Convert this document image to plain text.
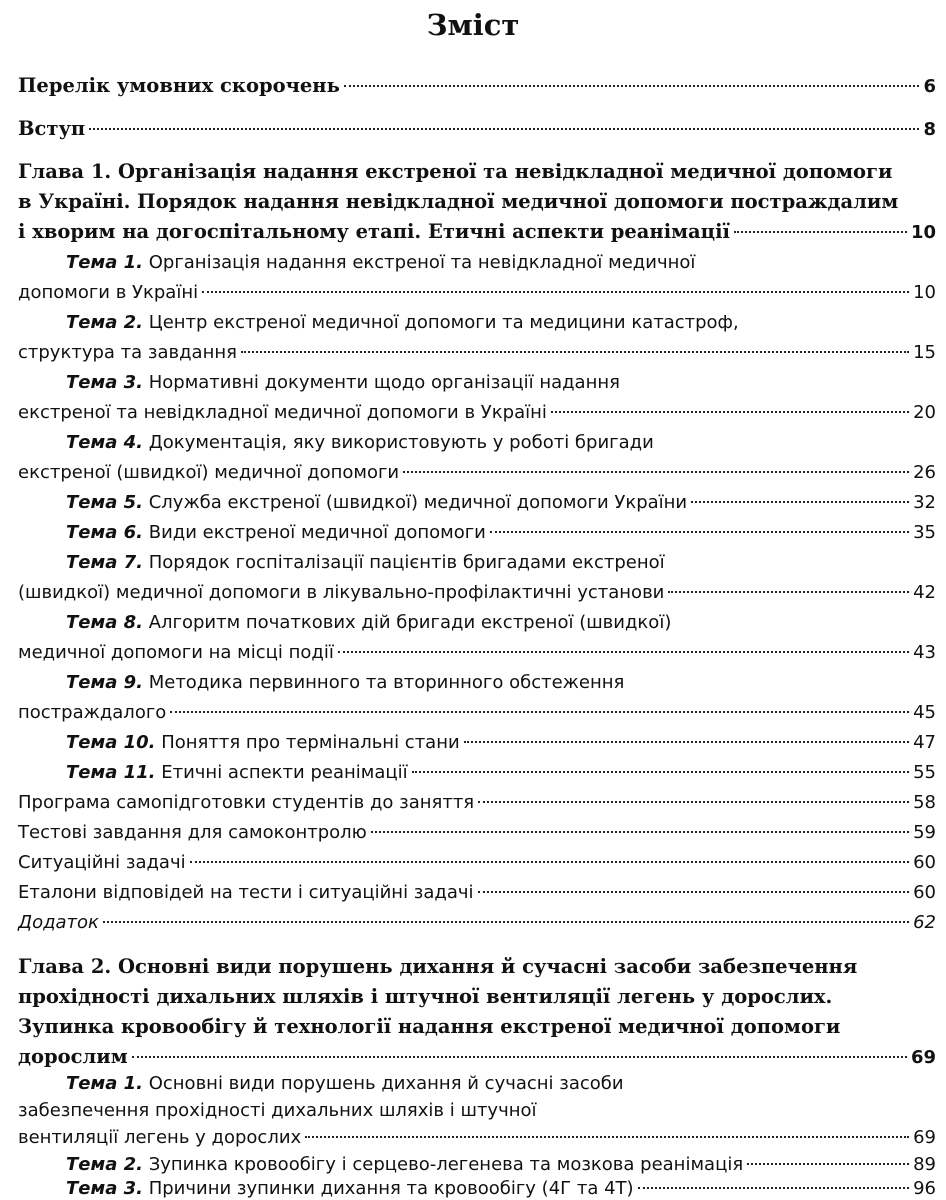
Зміст
Перелік умовних скорочень	6
Вступ	8
Глава 1. Організація надання екстреної та невідкладної медичної допомоги
в Україні. Порядок надання невідкладної медичної допомоги постраждалим
і хворим на догоспітальному етапі. Етичні аспекти реанімації	10
Тема 1. Організація надання екстреної та невідкладної медичної
допомоги в Україні	10
Тема 2. Центр екстреної медичної допомоги та медицини катастроф,
структура та завдання	15
Тема 3. Нормативні документи щодо організації надання
екстреної та невідкладної медичної допомоги в Україні	20
Тема 4. Документація, яку використовують у роботі бригади
екстреної (швидкої) медичної допомоги	26
Тема 5. Служба екстреної (швидкої) медичної допомоги України	32
Тема 6. Види екстреної медичної допомоги	35
Тема 7. Порядок госпіталізації пацієнтів бригадами екстреної
(швидкої) медичної допомоги в лікувально-профілактичні установи	42
Тема 8. Алгоритм початкових дій бригади екстреної (швидкої)
медичної допомоги на місці події	43
Тема 9. Методика первинного та вторинного обстеження
постраждалого	45
Тема 10. Поняття про термінальні стани	47
Тема 11. Етичні аспекти реанімації	55
Програма самопідготовки студентів до заняття	58
Тестові завдання для самоконтролю	59
Ситуаційні задачі	60
Еталони відповідей на тести і ситуаційні задачі	60
Додаток	62
Глава 2. Основні види порушень дихання й сучасні засоби забезпечення
прохідності дихальних шляхів і штучної вентиляції легень у дорослих.
Зупинка кровообігу й технології надання екстреної медичної допомоги
дорослим	69
Тема 1. Основні види порушень дихання й сучасні засоби
забезпечення прохідності дихальних шляхів і штучної
вентиляції легень у дорослих	69
Тема 2. Зупинка кровообігу і серцево-легенева та мозкова реанімація	89
Тема 3. Причини зупинки дихання та кровообігу (4Г та 4Т)	96
